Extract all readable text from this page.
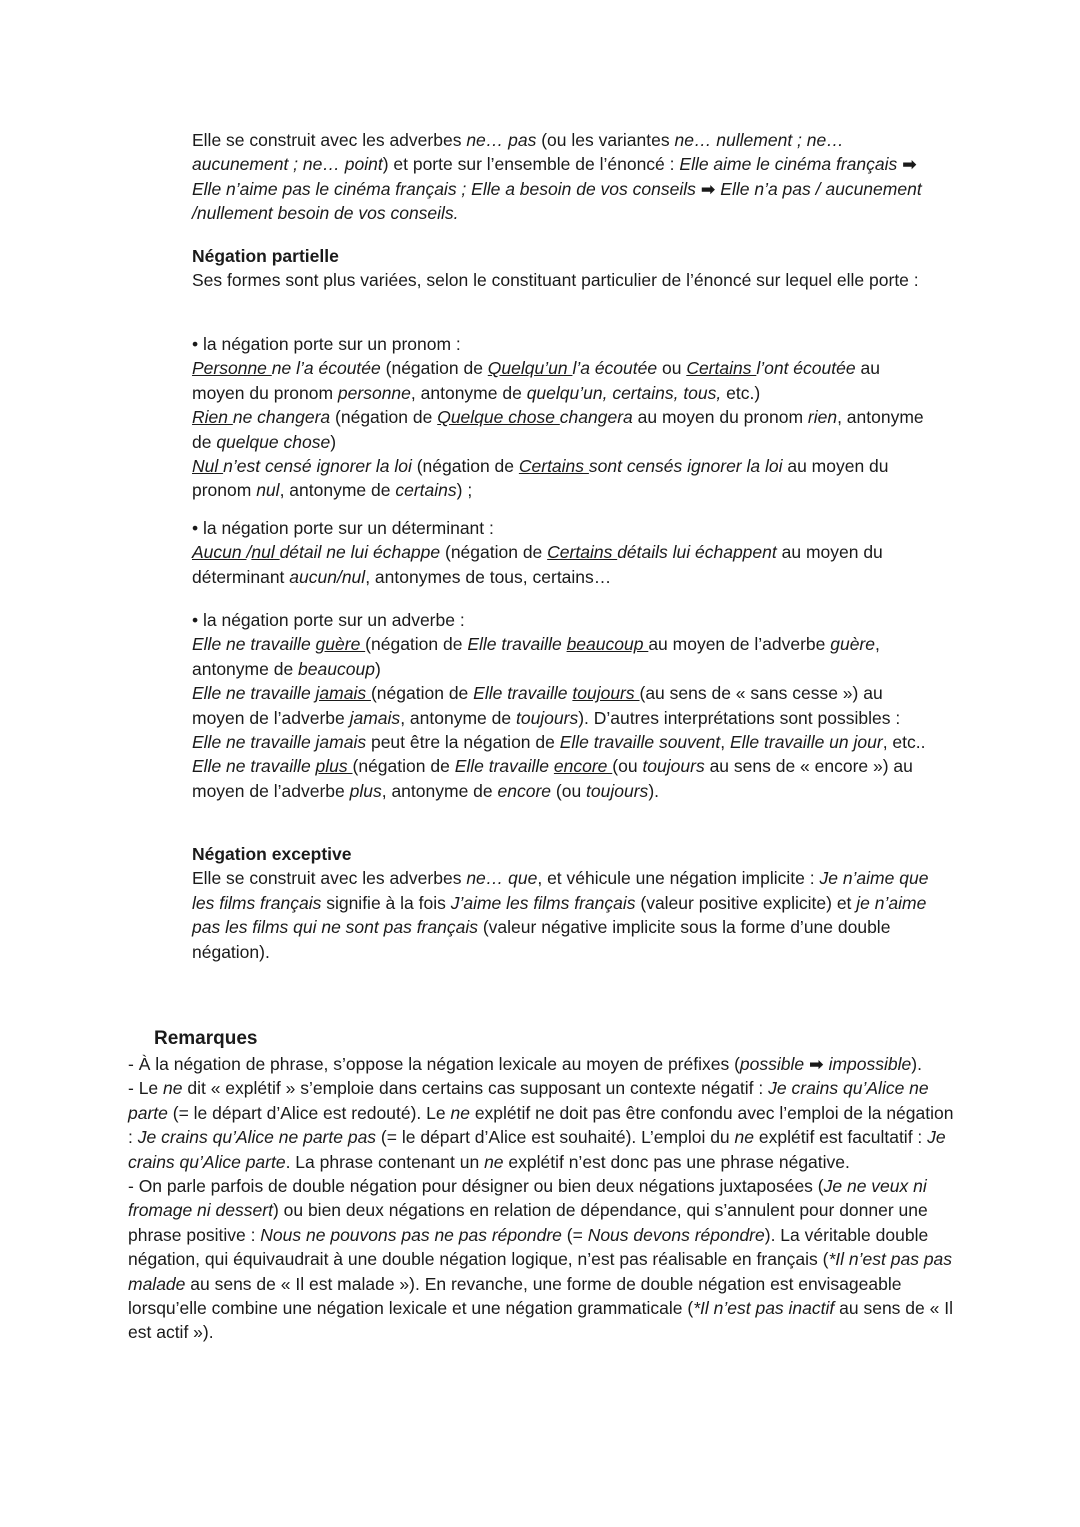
Elle se construit avec les adverbes ne… pas (ou les variantes ne… nullement ; ne… aucunement ; ne… point) et porte sur l’ensemble de l’énoncé : Elle aime le cinéma français ➡ Elle n’aime pas le cinéma français ; Elle a besoin de vos conseils ➡ Elle n’a pas / aucunement /nullement besoin de vos conseils.

Négation partielle

Ses formes sont plus variées, selon le constituant particulier de l’énoncé sur lequel elle porte :

• la négation porte sur un pronom :

Personne ne l’a écoutée (négation de Quelqu’un l’a écoutée ou Certains l’ont écoutée au moyen du pronom personne, antonyme de quelqu’un, certains, tous, etc.)

Rien ne changera (négation de Quelque chose changera au moyen du pronom rien, antonyme de quelque chose)

Nul n’est censé ignorer la loi (négation de Certains sont censés ignorer la loi au moyen du pronom nul, antonyme de certains) ;

• la négation porte sur un déterminant :

Aucun /nul détail ne lui échappe (négation de Certains détails lui échappent au moyen du déterminant aucun/nul, antonymes de tous, certains…

• la négation porte sur un adverbe :

Elle ne travaille guère (négation de Elle travaille beaucoup au moyen de l’adverbe guère, antonyme de beaucoup)

Elle ne travaille jamais (négation de Elle travaille toujours (au sens de « sans cesse ») au moyen de l’adverbe jamais, antonyme de toujours). D’autres interprétations sont possibles : Elle ne travaille jamais peut être la négation de Elle travaille souvent, Elle travaille un jour, etc..

Elle ne travaille plus (négation de Elle travaille encore (ou toujours au sens de « encore ») au moyen de l’adverbe plus, antonyme de encore (ou toujours).

Négation exceptive

Elle se construit avec les adverbes ne… que, et véhicule une négation implicite : Je n’aime que les films français signifie à la fois J’aime les films français (valeur positive explicite) et je n’aime pas les films qui ne sont pas français (valeur négative implicite sous la forme d’une double négation).

Remarques

- À la négation de phrase, s’oppose la négation lexicale au moyen de préfixes (possible ➡ impossible).

- Le ne dit « explétif » s’emploie dans certains cas supposant un contexte négatif : Je crains qu’Alice ne parte (= le départ d’Alice est redouté). Le ne explétif ne doit pas être confondu avec l’emploi de la négation : Je crains qu’Alice ne parte pas (= le départ d’Alice est souhaité). L’emploi du ne explétif est facultatif : Je crains qu’Alice parte. La phrase contenant un ne explétif n’est donc pas une phrase négative.

- On parle parfois de double négation pour désigner ou bien deux négations juxtaposées (Je ne veux ni fromage ni dessert) ou bien deux négations en relation de dépendance, qui s’annulent pour donner une phrase positive : Nous ne pouvons pas ne pas répondre (= Nous devons répondre). La véritable double négation, qui équivaudrait à une double négation logique, n’est pas réalisable en français (*Il n’est pas pas malade au sens de « Il est malade »). En revanche, une forme de double négation est envisageable lorsqu’elle combine une négation lexicale et une négation grammaticale (*Il n’est pas inactif au sens de « Il est actif »).
